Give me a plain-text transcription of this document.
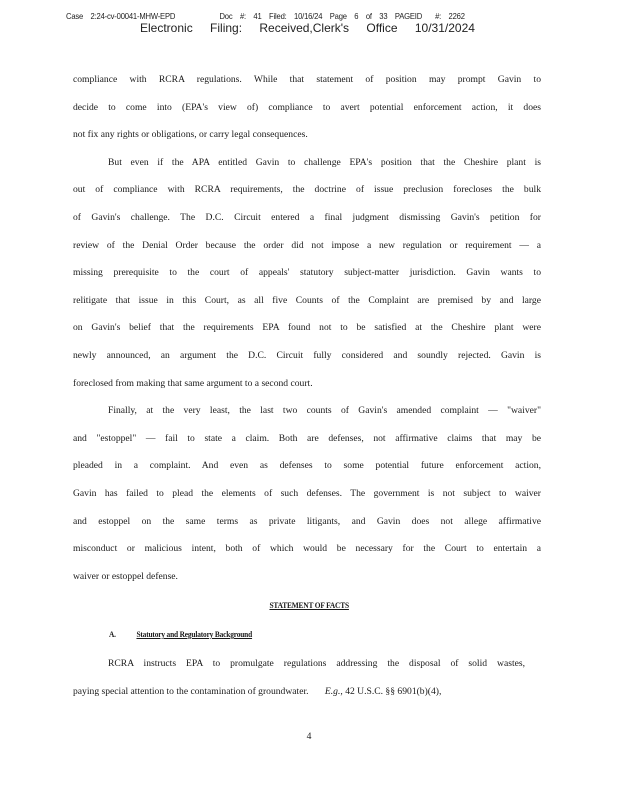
Case 2:24-cv-00041-MHW-EPD	Doc #: 41 Filed: 10/16/24 Page 6 of 33 PAGEID #: 2262
Electronic Filing: Received,Clerk's Office 10/31/2024
compliance with RCRA regulations. While that statement of position may prompt Gavin to
decide to come into (EPA's view of) compliance to avert potential enforcement action, it does
not fix any rights or obligations, or carry legal consequences.
But even if the APA entitled Gavin to challenge EPA's position that the Cheshire plant is
out of compliance with RCRA requirements, the doctrine of issue preclusion forecloses the bulk
of Gavin's challenge. The D.C. Circuit entered a final judgment dismissing Gavin's petition for
review of the Denial Order because the order did not impose a new regulation or requirement — a
missing prerequisite to the court of appeals' statutory subject-matter jurisdiction. Gavin wants to
relitigate that issue in this Court, as all five Counts of the Complaint are premised by and large
on Gavin's belief that the requirements EPA found not to be satisfied at the Cheshire plant were
newly announced, an argument the D.C. Circuit fully considered and soundly rejected. Gavin is
foreclosed from making that same argument to a second court.
Finally, at the very least, the last two counts of Gavin's amended complaint — "waiver"
and "estoppel" — fail to state a claim. Both are defenses, not affirmative claims that may be
pleaded in a complaint. And even as defenses to some potential future enforcement action,
Gavin has failed to plead the elements of such defenses. The government is not subject to waiver
and estoppel on the same terms as private litigants, and Gavin does not allege affirmative
misconduct or malicious intent, both of which would be necessary for the Court to entertain a
waiver or estoppel defense.
STATEMENT OF FACTS
A. Statutory and Regulatory Background
RCRA instructs EPA to promulgate regulations addressing the disposal of solid wastes,
paying special attention to the contamination of groundwater. E.g., 42 U.S.C. §§ 6901(b)(4),
4
